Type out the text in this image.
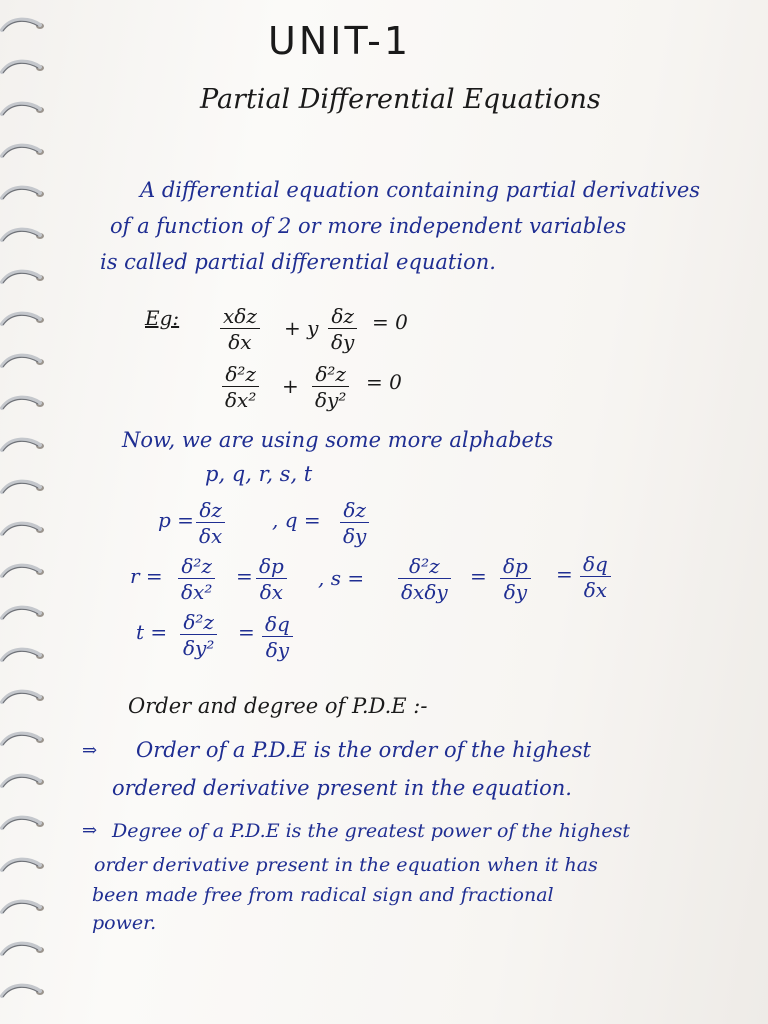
UNIT-1
Partial Differential Equations
A differential equation containing partial derivatives
of a function of 2 or more independent variables
is called partial differential equation.
Eg: xδz
δx
+ y δz
δy
= 0
δ²z
δx²
+ δ²z
δy²
= 0
Now, we are using some more alphabets
p, q, r, s, t
p = δz
δx
, q = δz
δy
r = δ²z
δx²
= δp
δx
, s = δ²z
δxδy
= δp
δy
= δq
δx
t = δ²z
δy²
= δq
δy
Order and degree of P.D.E :-
⇒ Order of a P.D.E is the order of the highest
ordered derivative present in the equation.
⇒ Degree of a P.D.E is the greatest power of the highest
order derivative present in the equation when it has
been made free from radical sign and fractional
power.
